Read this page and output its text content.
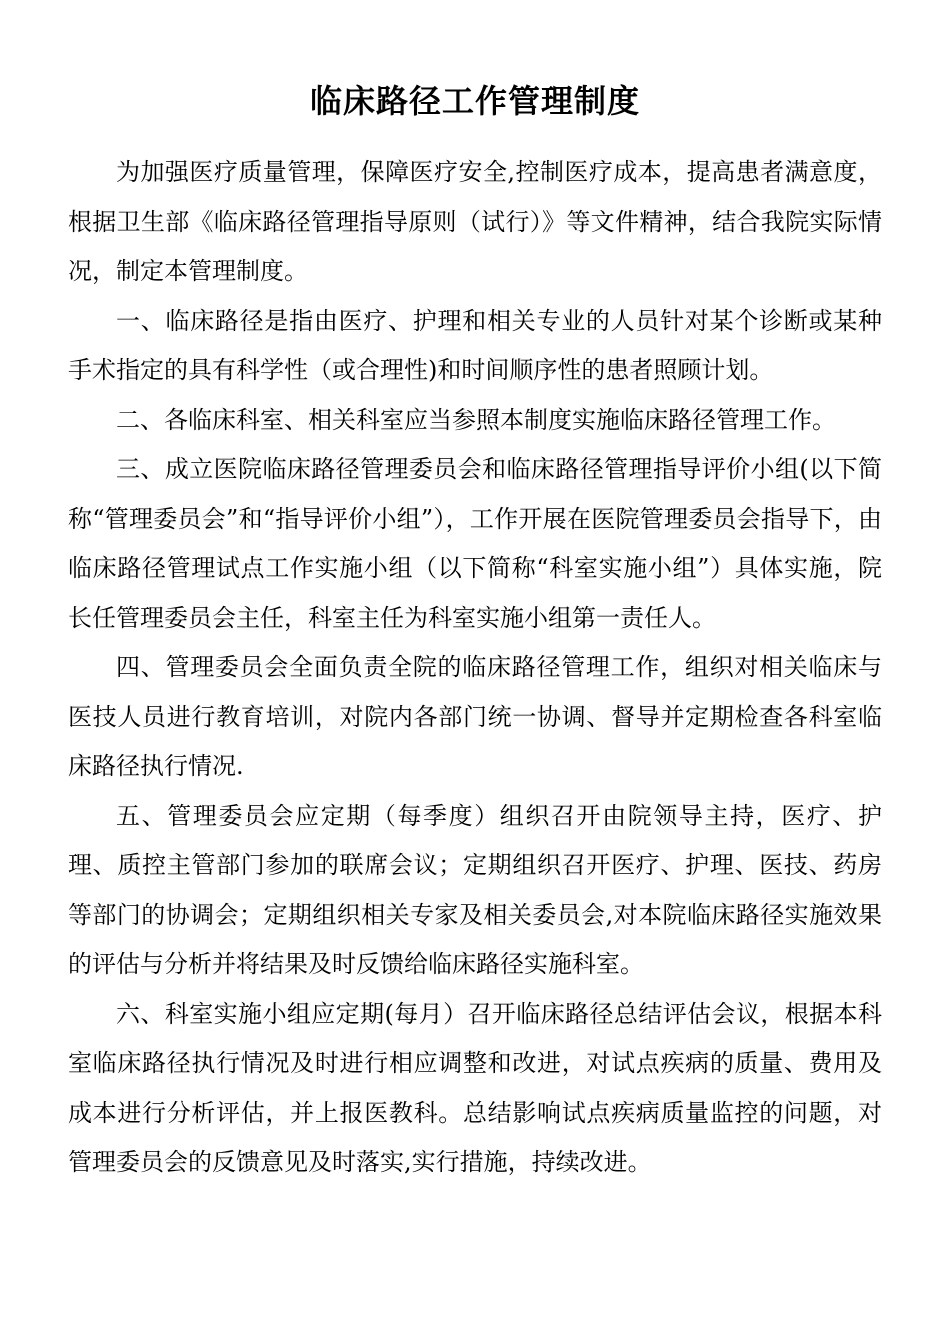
临床路径工作管理制度

为加强医疗质量管理，保障医疗安全,控制医疗成本，提高患者满意度，根据卫生部《临床路径管理指导原则（试行）》等文件精神，结合我院实际情况，制定本管理制度。

一、临床路径是指由医疗、护理和相关专业的人员针对某个诊断或某种手术指定的具有科学性（或合理性)和时间顺序性的患者照顾计划。

二、各临床科室、相关科室应当参照本制度实施临床路径管理工作。

三、成立医院临床路径管理委员会和临床路径管理指导评价小组(以下简称“管理委员会”和“指导评价小组”），工作开展在医院管理委员会指导下，由临床路径管理试点工作实施小组（以下简称“科室实施小组”）具体实施，院长任管理委员会主任，科室主任为科室实施小组第一责任人。

四、管理委员会全面负责全院的临床路径管理工作，组织对相关临床与医技人员进行教育培训，对院内各部门统一协调、督导并定期检查各科室临床路径执行情况.

五、管理委员会应定期（每季度）组织召开由院领导主持，医疗、护理、质控主管部门参加的联席会议；定期组织召开医疗、护理、医技、药房等部门的协调会；定期组织相关专家及相关委员会,对本院临床路径实施效果的评估与分析并将结果及时反馈给临床路径实施科室。

六、科室实施小组应定期(每月）召开临床路径总结评估会议，根据本科室临床路径执行情况及时进行相应调整和改进，对试点疾病的质量、费用及成本进行分析评估，并上报医教科。总结影响试点疾病质量监控的问题，对管理委员会的反馈意见及时落实,实行措施，持续改进。
